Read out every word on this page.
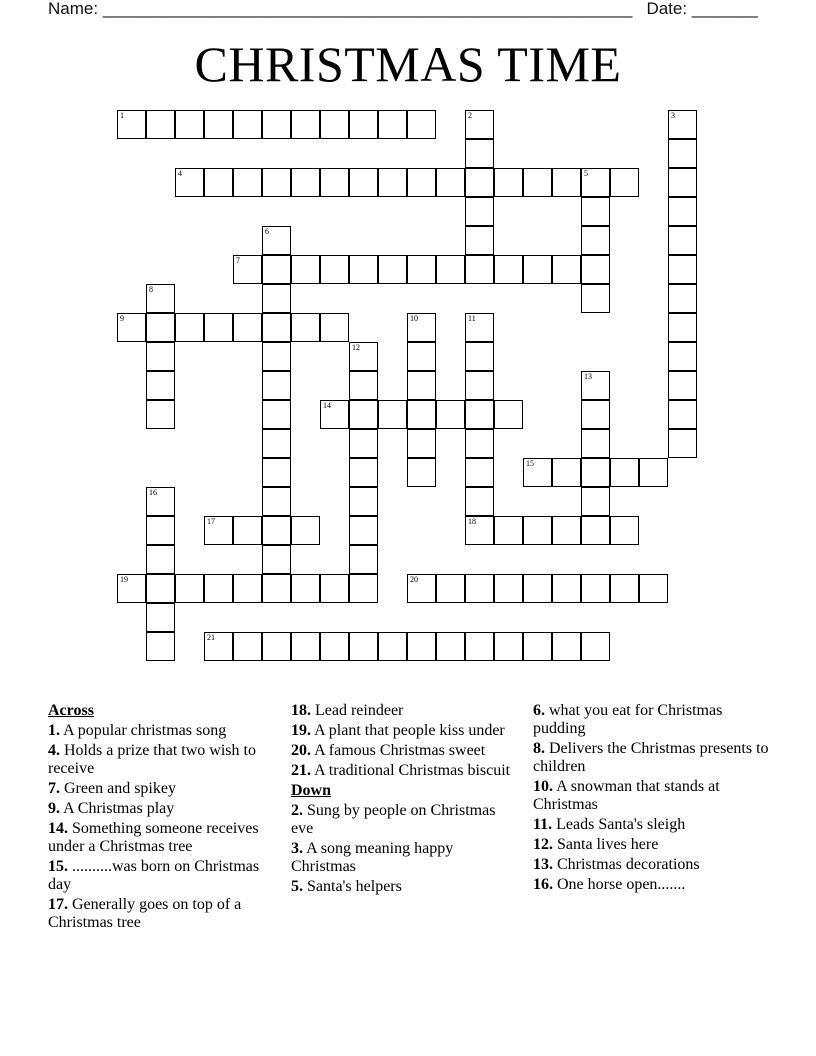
Name: ________________________________________________________ Date: _______
CHRISTMAS TIME
1	2	3
4	5
6
7
8
9	10	11
18
12
13
14
15
16
17
19	20
21
Across
1. A popular christmas song
4. Holds a prize that two wish to receive
7. Green and spikey
9. A Christmas play
14. Something someone receives under a Christmas tree
15. ..........was born on Christmas day
17. Generally goes on top of a Christmas tree
18. Lead reindeer
19. A plant that people kiss under
20. A famous Christmas sweet
21. A traditional Christmas biscuit
Down
2. Sung by people on Christmas eve
3. A song meaning happy Christmas
5. Santa's helpers
6. what you eat for Christmas pudding
8. Delivers the Christmas presents to children
10. A snowman that stands at Christmas
11. Leads Santa's sleigh
12. Santa lives here
13. Christmas decorations
16. One horse open.......
